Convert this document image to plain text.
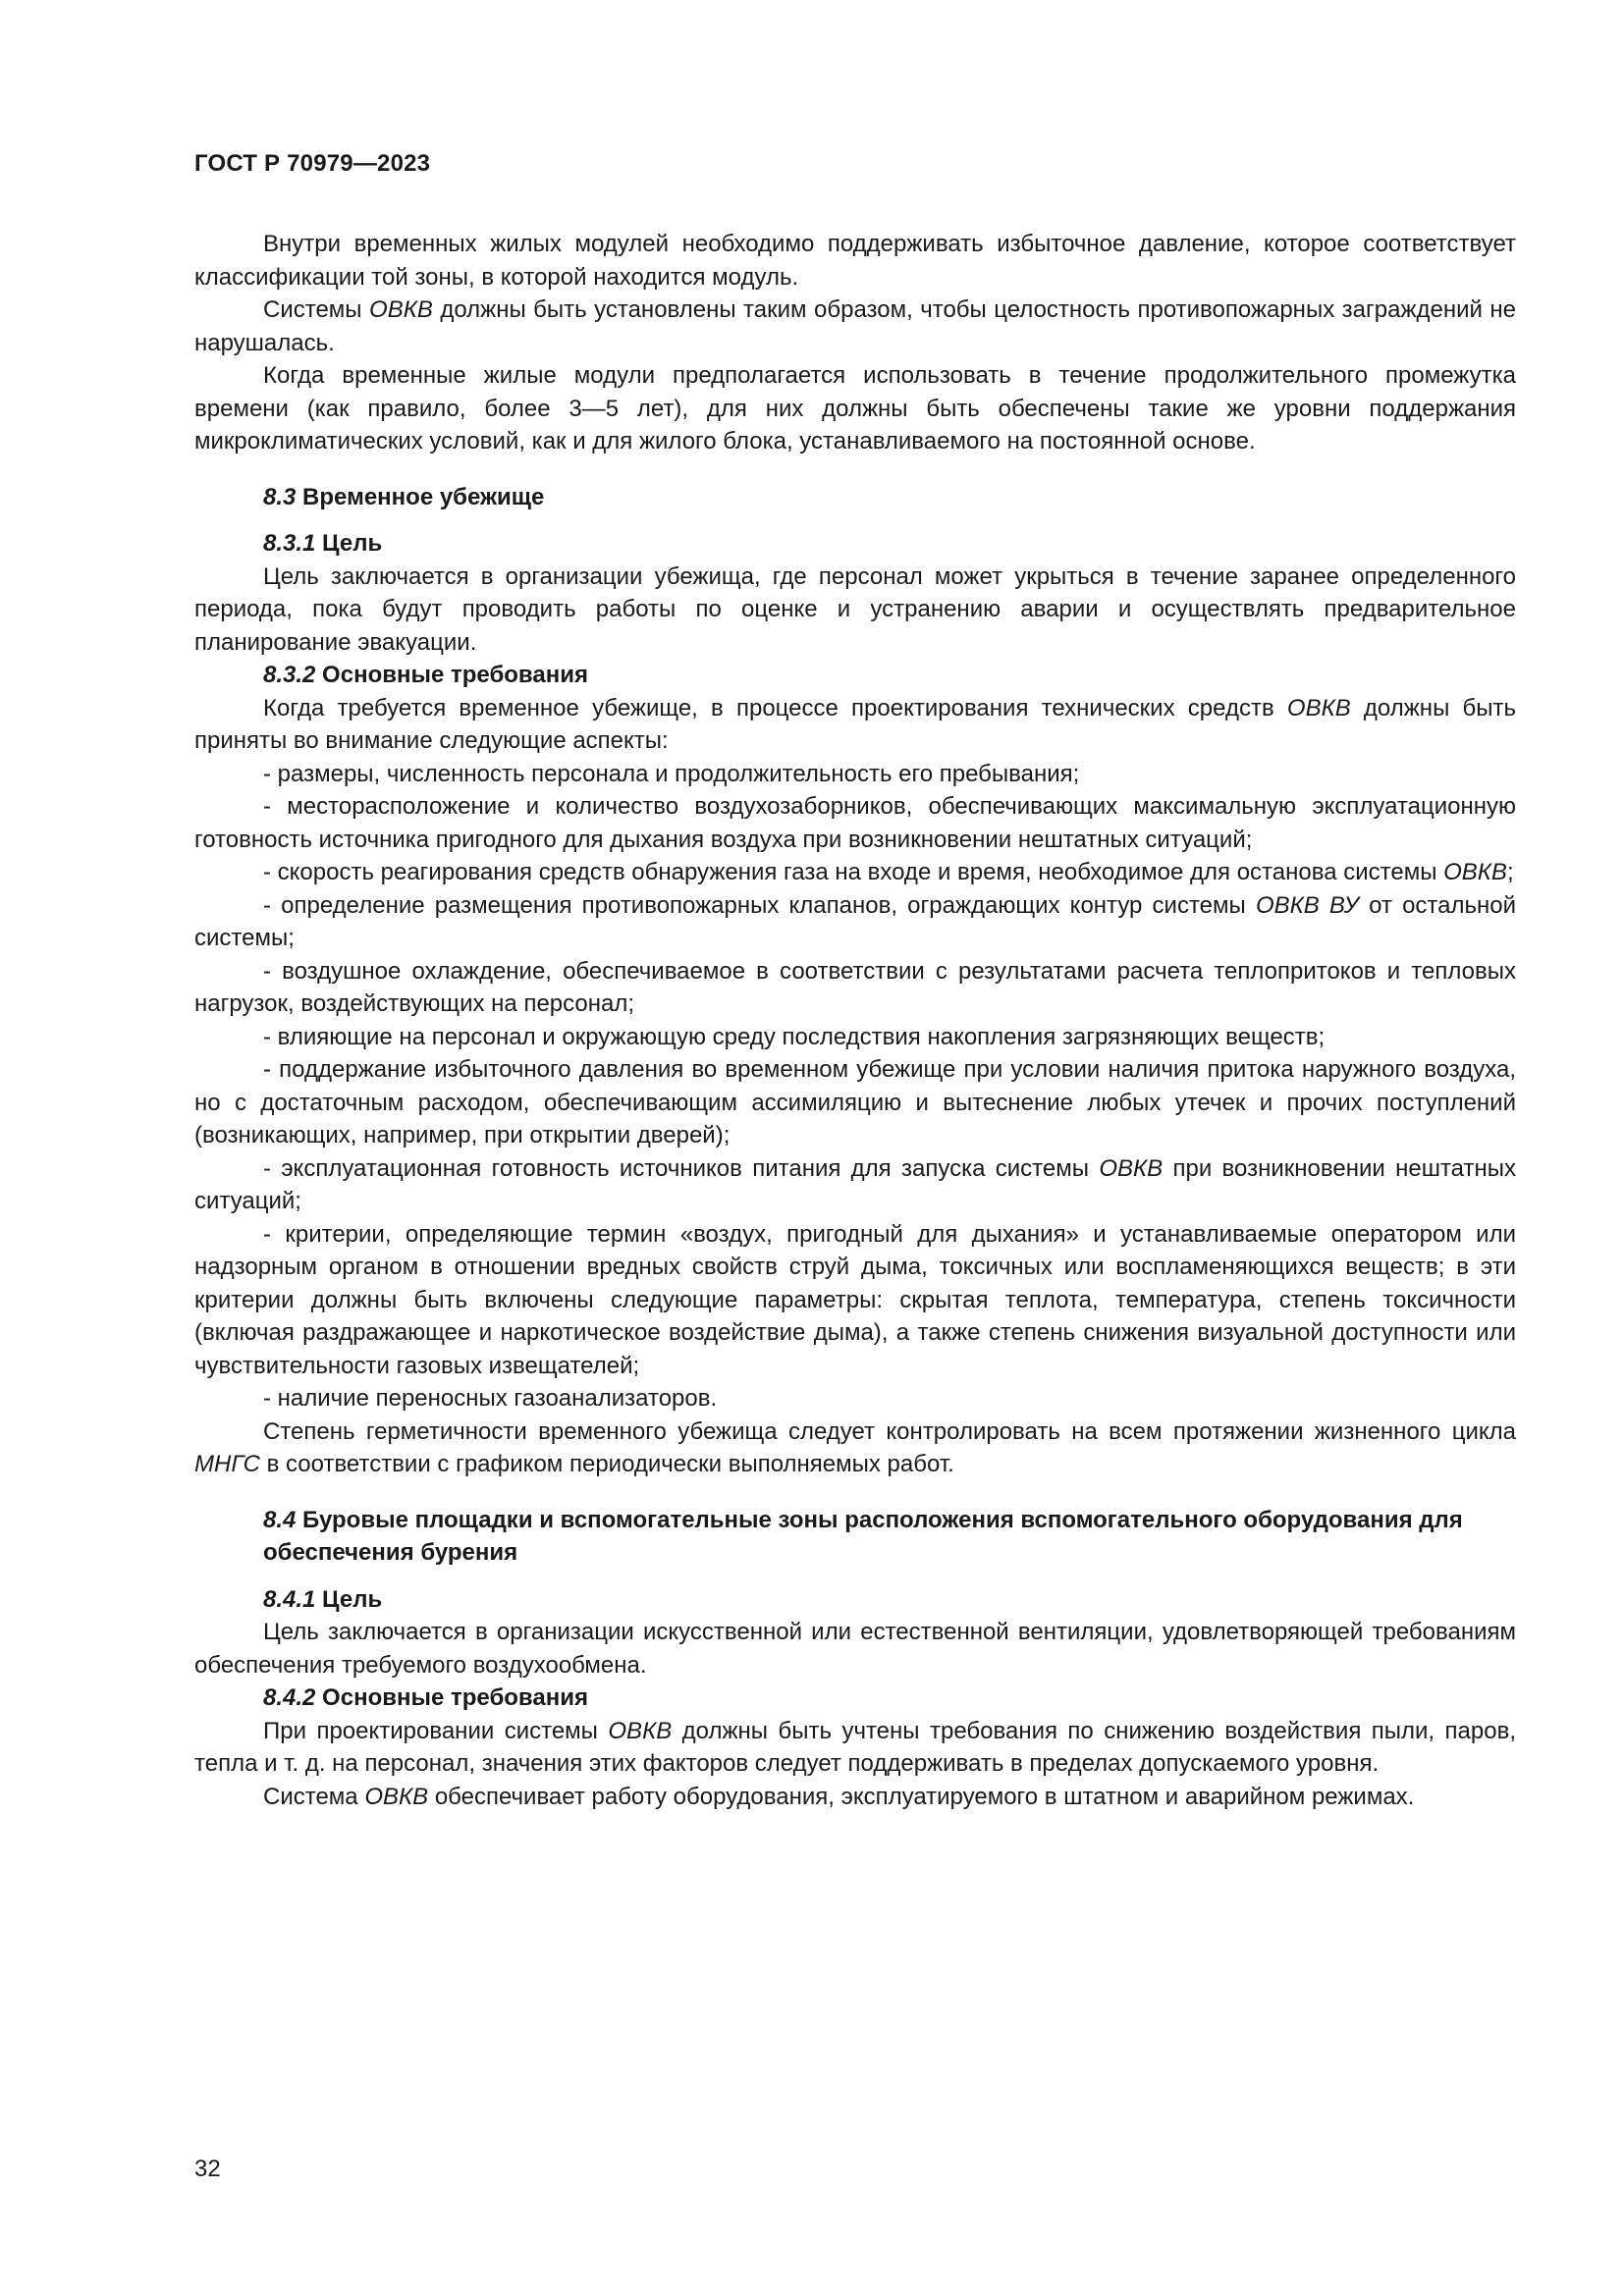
ГОСТ Р 70979—2023

Внутри временных жилых модулей необходимо поддерживать избыточное давление, которое соответствует классификации той зоны, в которой находится модуль.

Системы ОВКВ должны быть установлены таким образом, чтобы целостность противопожарных заграждений не нарушалась.

Когда временные жилые модули предполагается использовать в течение продолжительного промежутка времени (как правило, более 3—5 лет), для них должны быть обеспечены такие же уровни поддержания микроклиматических условий, как и для жилого блока, устанавливаемого на постоянной основе.

8.3 Временное убежище
8.3.1 Цель

Цель заключается в организации убежища, где персонал может укрыться в течение заранее определенного периода, пока будут проводить работы по оценке и устранению аварии и осуществлять предварительное планирование эвакуации.

8.3.2 Основные требования

Когда требуется временное убежище, в процессе проектирования технических средств ОВКВ должны быть приняты во внимание следующие аспекты:

- размеры, численность персонала и продолжительность его пребывания;

- месторасположение и количество воздухозаборников, обеспечивающих максимальную эксплуатационную готовность источника пригодного для дыхания воздуха при возникновении нештатных ситуаций;

- скорость реагирования средств обнаружения газа на входе и время, необходимое для останова системы ОВКВ;

- определение размещения противопожарных клапанов, ограждающих контур системы ОВКВ ВУ от остальной системы;

- воздушное охлаждение, обеспечиваемое в соответствии с результатами расчета теплопритоков и тепловых нагрузок, воздействующих на персонал;

- влияющие на персонал и окружающую среду последствия накопления загрязняющих веществ;

- поддержание избыточного давления во временном убежище при условии наличия притока наружного воздуха, но с достаточным расходом, обеспечивающим ассимиляцию и вытеснение любых утечек и прочих поступлений (возникающих, например, при открытии дверей);

- эксплуатационная готовность источников питания для запуска системы ОВКВ при возникновении нештатных ситуаций;

- критерии, определяющие термин «воздух, пригодный для дыхания» и устанавливаемые оператором или надзорным органом в отношении вредных свойств струй дыма, токсичных или воспламеняющихся веществ; в эти критерии должны быть включены следующие параметры: скрытая теплота, температура, степень токсичности (включая раздражающее и наркотическое воздействие дыма), а также степень снижения визуальной доступности или чувствительности газовых извещателей;

- наличие переносных газоанализаторов.

Степень герметичности временного убежища следует контролировать на всем протяжении жизненного цикла МНГС в соответствии с графиком периодически выполняемых работ.

8.4 Буровые площадки и вспомогательные зоны расположения вспомогательного оборудования для обеспечения бурения
8.4.1 Цель

Цель заключается в организации искусственной или естественной вентиляции, удовлетворяющей требованиям обеспечения требуемого воздухообмена.

8.4.2 Основные требования

При проектировании системы ОВКВ должны быть учтены требования по снижению воздействия пыли, паров, тепла и т. д. на персонал, значения этих факторов следует поддерживать в пределах допускаемого уровня.

Система ОВКВ обеспечивает работу оборудования, эксплуатируемого в штатном и аварийном режимах.

32
